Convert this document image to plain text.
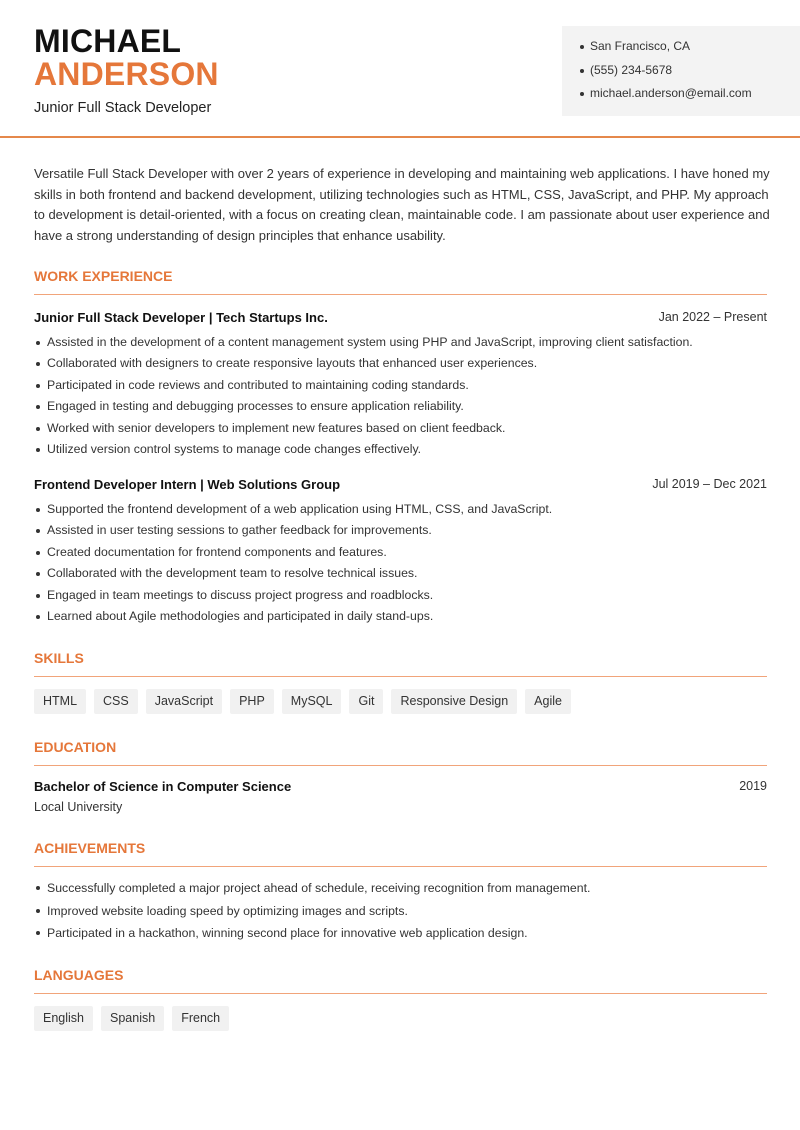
MICHAEL
ANDERSON
Junior Full Stack Developer
San Francisco, CA
(555) 234-5678
michael.anderson@email.com

Versatile Full Stack Developer with over 2 years of experience in developing and maintaining web applications. I have honed my skills in both frontend and backend development, utilizing technologies such as HTML, CSS, JavaScript, and PHP. My approach to development is detail-oriented, with a focus on creating clean, maintainable code. I am passionate about user experience and have a strong understanding of design principles that enhance usability.

WORK EXPERIENCE
Junior Full Stack Developer | Tech Startups Inc.	Jan 2022 – Present
Assisted in the development of a content management system using PHP and JavaScript, improving client satisfaction.
Collaborated with designers to create responsive layouts that enhanced user experiences.
Participated in code reviews and contributed to maintaining coding standards.
Engaged in testing and debugging processes to ensure application reliability.
Worked with senior developers to implement new features based on client feedback.
Utilized version control systems to manage code changes effectively.
Frontend Developer Intern | Web Solutions Group	Jul 2019 – Dec 2021
Supported the frontend development of a web application using HTML, CSS, and JavaScript.
Assisted in user testing sessions to gather feedback for improvements.
Created documentation for frontend components and features.
Collaborated with the development team to resolve technical issues.
Engaged in team meetings to discuss project progress and roadblocks.
Learned about Agile methodologies and participated in daily stand-ups.
SKILLS
HTML	CSS	JavaScript	PHP	MySQL	Git	Responsive Design	Agile
EDUCATION
Bachelor of Science in Computer Science	2019
Local University
ACHIEVEMENTS
Successfully completed a major project ahead of schedule, receiving recognition from management.
Improved website loading speed by optimizing images and scripts.
Participated in a hackathon, winning second place for innovative web application design.
LANGUAGES
English	Spanish	French
